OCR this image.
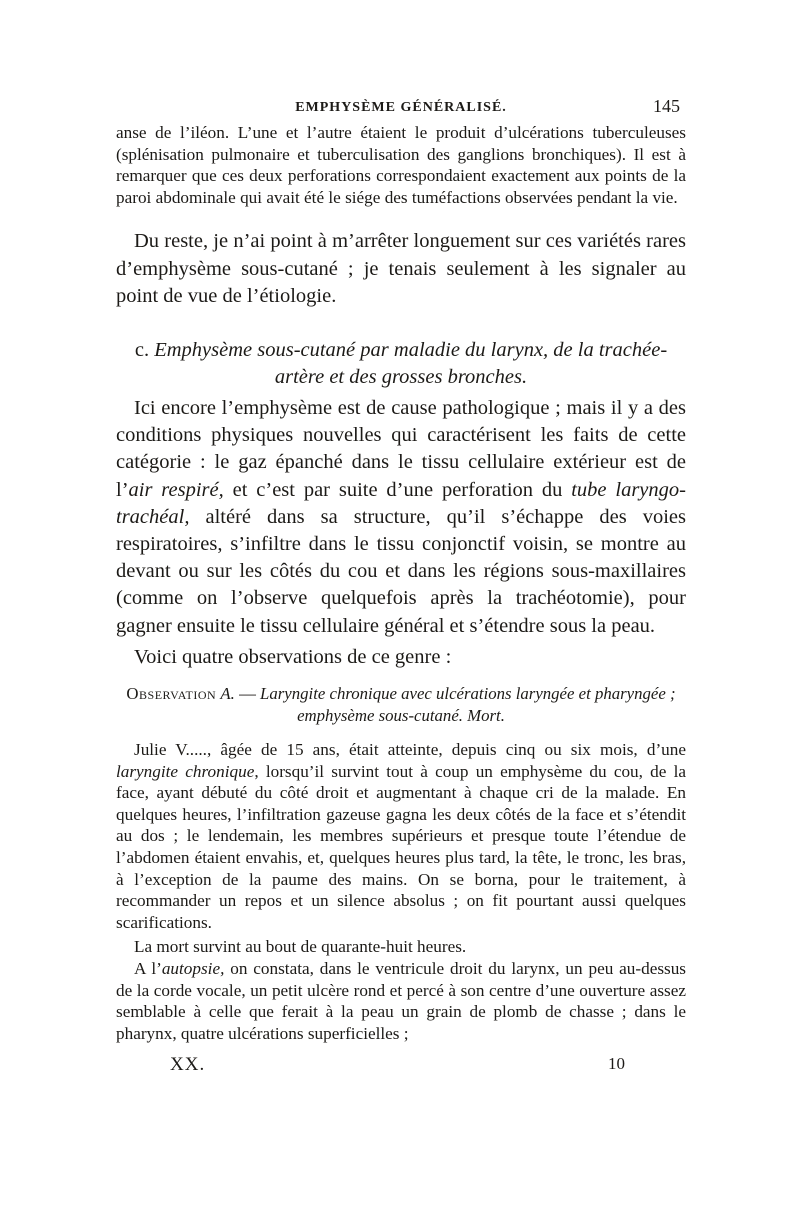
EMPHYSÈME GÉNÉRALISÉ.	145

anse de l’iléon. L’une et l’autre étaient le produit d’ulcérations tuberculeuses (splénisation pulmonaire et tuberculisation des ganglions bronchiques). Il est à remarquer que ces deux perforations correspondaient exactement aux points de la paroi abdominale qui avait été le siége des tuméfactions observées pendant la vie.

Du reste, je n’ai point à m’arrêter longuement sur ces variétés rares d’emphysème sous-cutané ; je tenais seulement à les signaler au point de vue de l’étiologie.

c. Emphysème sous-cutané par maladie du larynx, de la trachée-artère et des grosses bronches.

Ici encore l’emphysème est de cause pathologique ; mais il y a des conditions physiques nouvelles qui caractérisent les faits de cette catégorie : le gaz épanché dans le tissu cellulaire extérieur est de l’air respiré, et c’est par suite d’une perforation du tube laryngo-trachéal, altéré dans sa structure, qu’il s’échappe des voies respiratoires, s’infiltre dans le tissu conjonctif voisin, se montre au devant ou sur les côtés du cou et dans les régions sous-maxillaires (comme on l’observe quelquefois après la trachéotomie), pour gagner ensuite le tissu cellulaire général et s’étendre sous la peau.

Voici quatre observations de ce genre :

Observation A. — Laryngite chronique avec ulcérations laryngée et pharyngée ; emphysème sous-cutané. Mort.

Julie V....., âgée de 15 ans, était atteinte, depuis cinq ou six mois, d’une laryngite chronique, lorsqu’il survint tout à coup un emphysème du cou, de la face, ayant débuté du côté droit et augmentant à chaque cri de la malade. En quelques heures, l’infiltration gazeuse gagna les deux côtés de la face et s’étendit au dos ; le lendemain, les membres supérieurs et presque toute l’étendue de l’abdomen étaient envahis, et, quelques heures plus tard, la tête, le tronc, les bras, à l’exception de la paume des mains. On se borna, pour le traitement, à recommander un repos et un silence absolus ; on fit pourtant aussi quelques scarifications.

La mort survint au bout de quarante-huit heures.

A l’autopsie, on constata, dans le ventricule droit du larynx, un peu au-dessus de la corde vocale, un petit ulcère rond et percé à son centre d’une ouverture assez semblable à celle que ferait à la peau un grain de plomb de chasse ; dans le pharynx, quatre ulcérations superficielles ;

XX.	10
